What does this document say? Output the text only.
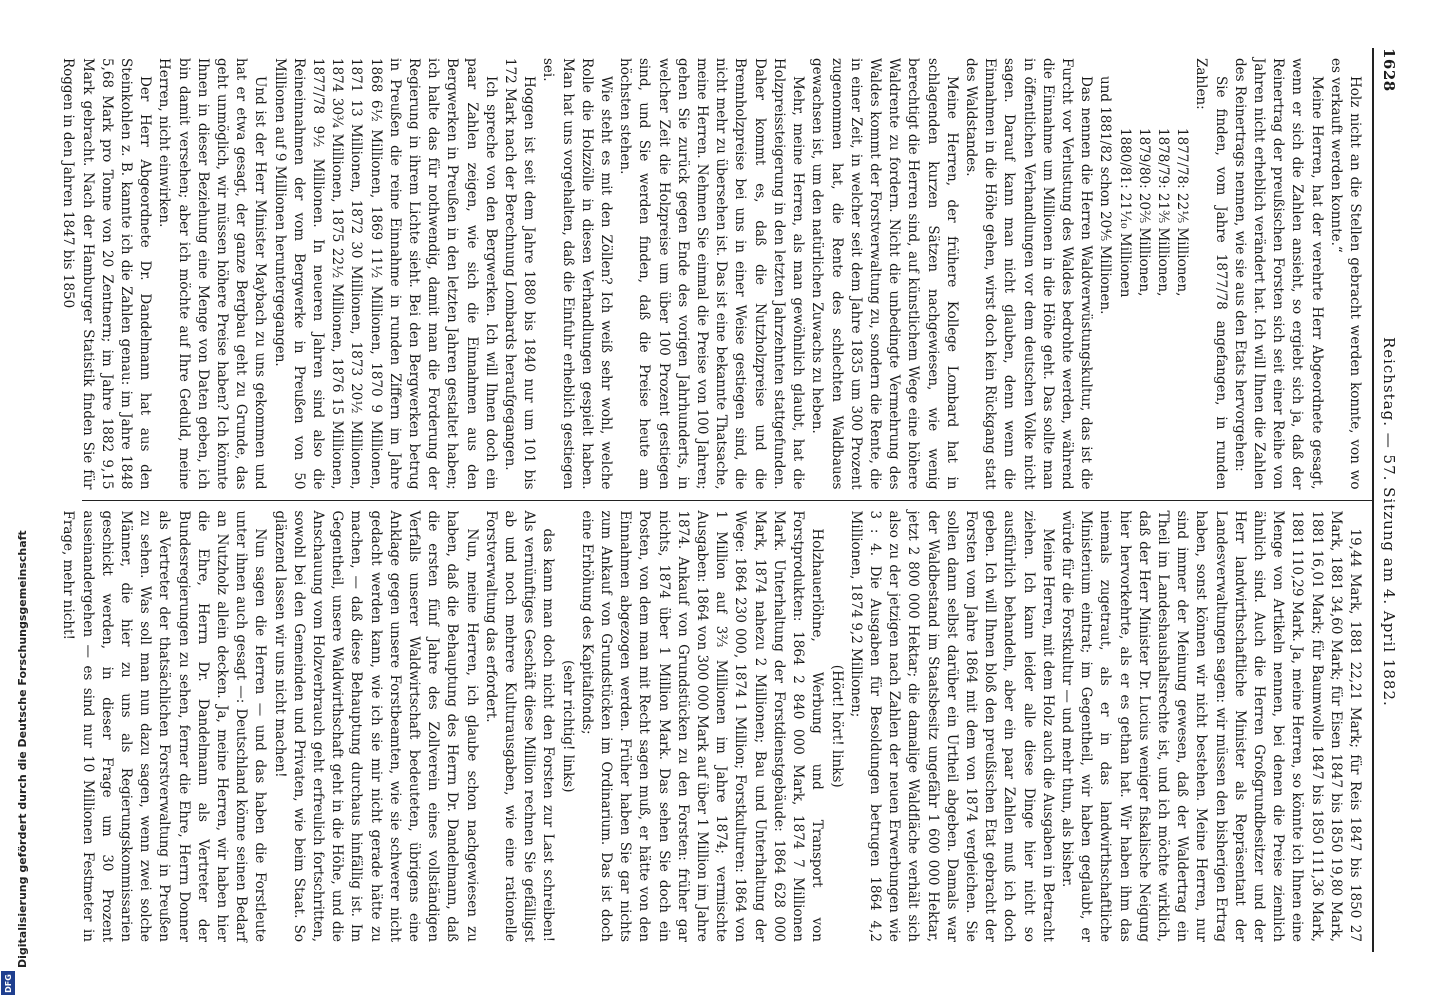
1628
Reichstag. — 57. Sitzung am 4. April 1882.

Holz nicht an die Stellen gebracht werden konnte, von wo es verkauft werden konnte.“

Meine Herren, hat der verehrte Herr Abgeordnete gesagt, wenn er sich die Zahlen ansieht, so ergiebt sich ja, daß der Reinertrag der preußischen Forsten sich seit einer Reihe von Jahren nicht erheblich verändert hat. Ich will Ihnen die Zahlen des Reinertrags nennen, wie sie aus den Etats hervorgehen:

Sie finden, vom Jahre 1877/78 angefangen, in runden Zahlen:

1877/78: 22⅕ Millionen,

1878/79: 21⅗ Millionen,

1879/80: 20⅖ Millionen,

1880/81: 21⅒ Millionen

und 1881/82 schon 20⅘ Millionen.

Das nennen die Herren Waldverwüstungskultur, das ist die Furcht vor Verlustung des Waldes bedrohte werden, während die Einnahme um Millionen in die Höhe geht. Das sollte man in öffentlichen Verhandlungen vor dem deutschen Volke nicht sagen. Darauf kann man nicht glauben, denn wenn die Einnahmen in die Höhe gehen, wirst doch kein Rückgang statt des Waldstandes.

Meine Herren, der frühere Kollege Lombard hat in schlagenden kurzen Sätzen nachgewiesen, wie wenig berechtigt die Herren sind, auf künstlichem Wege eine höhere Waldrente zu fordern. Nicht die unbedingte Vermehrung des Waldes kommt der Forstverwaltung zu, sondern die Rente, die in einer Zeit, in welcher seit dem Jahre 1835 um 300 Prozent zugenommen hat, die Rente des schlechten Waldbaues gewachsen ist, um den natürlichen Zuwachs zu heben.

Mehr, meine Herren, als man gewöhnlich glaubt, hat die Holzpreissteigerung in den letzten Jahrzehnten stattgefunden. Daher kommt es, daß die Nutzholzpreise und die Brennholzpreise bei uns in einer Weise gestiegen sind, die nicht mehr zu übersehen ist. Das ist eine bekannte Thatsache, meine Herren. Nehmen Sie einmal die Preise von 100 Jahren; gehen Sie zurück gegen Ende des vorigen Jahrhunderts, in welcher Zeit die Holzpreise um über 100 Prozent gestiegen sind, und Sie werden finden, daß die Preise heute am höchsten stehen.

Wie steht es mit den Zöllen? Ich weiß sehr wohl, welche Rolle die Holzzölle in diesen Verhandlungen gespielt haben. Man hat uns vorgehalten, daß die Einfuhr erheblich gestiegen sei.

Hoggen ist seit dem Jahre 1880 bis 1840 nur um 101 bis 172 Mark nach der Berechnung Lombards heraufgegangen.

Ich spreche von den Bergwerken. Ich will Ihnen doch ein paar Zahlen zeigen, wie sich die Einnahmen aus den Bergwerken in Preußen in den letzten Jahren gestaltet haben; ich halte das für nothwendig, damit man die Forderung der Regierung in ihrem Lichte sieht. Bei den Bergwerken betrug in Preußen die reine Einnahme in runden Ziffern im Jahre 1868 6½ Millionen, 1869 11½ Millionen, 1870 9 Millionen, 1871 13 Millionen, 1872 30 Millionen, 1873 20½ Millionen, 1874 30¾ Millionen, 1875 22½ Millionen, 1876 15 Millionen, 1877/78 9½ Millionen. In neueren Jahren sind also die Reineinnahmen der vom Bergwerke in Preußen von 50 Millionen auf 9 Millionen heruntergegangen.

Und ist der Herr Minister Maybach zu uns gekommen und hat er etwa gesagt, der ganze Bergbau geht zu Grunde, das geht unmöglich, wir müssen höhere Preise haben? Ich könnte Ihnen in dieser Beziehung eine Menge von Daten geben, ich bin damit versehen; aber ich möchte auf Ihre Geduld, meine Herren, nicht einwirken.

Der Herr Abgeordnete Dr. Dandelmann hat aus den Steinkohlen z. B. kannte ich die Zahlen genau: im Jahre 1848 5,68 Mark pro Tonne von 20 Zentnern; im Jahre 1882 9,15 Mark gebracht. Nach der Hamburger Statistik finden Sie für Roggen in den Jahren 1847 bis 1850

19,44 Mark, 1881 22,21 Mark; für Reis 1847 bis 1850 27 Mark, 1881 34,60 Mark; für Eisen 1847 bis 1850 19,80 Mark, 1881 16,01 Mark; für Baumwolle 1847 bis 1850 111,36 Mark, 1881 110,29 Mark. Ja, meine Herren, so könnte ich Ihnen eine Menge von Artikeln nennen, bei denen die Preise ziemlich ähnlich sind. Auch die Herren Großgrundbesitzer und der Herr landwirthschaftliche Minister als Repräsentant der Landesverwaltungen sagen: wir müssen den bisherigen Ertrag haben, sonst können wir nicht bestehen. Meine Herren, nur sind immer der Meinung gewesen, daß der Waldertrag ein Theil im Landeshaushaltsrechte ist, und ich möchte wirklich, daß der Herr Minister Dr. Lucius weniger fiskalische Neigung hier hervorkehrte, als er es gethan hat. Wir haben ihm das niemals zugetraut, als er in das landwirthschaftliche Ministerium eintrat; im Gegentheil, wir haben geglaubt, er würde für die Forstkultur — und mehr thun, als bisher.

Meine Herren, mit dem Holz auch die Ausgaben in Betracht ziehen. Ich kann leider alle diese Dinge hier nicht so ausführlich behandeln, aber ein paar Zahlen muß ich doch geben. Ich will Ihnen bloß den preußischen Etat gebracht der Forsten vom Jahre 1864 mit dem von 1874 vergleichen. Sie sollen dann selbst darüber ein Urtheil abgeben. Damals war der Waldbestand im Staatsbesitz ungefähr 1 600 000 Hektar, jetzt 2 800 000 Hektar; die damalige Waldfläche verhält sich also zu der jetzigen nach Zahlen der neuen Erwerbungen wie 3 : 4. Die Ausgaben für Besoldungen betrugen 1864 4,2 Millionen, 1874 9,2 Millionen;

(Hört! hört! links)

Holzhauerlöhne, Werbung und Transport von Forstprodukten: 1864 2 840 000 Mark, 1874 7 Millionen Mark. Unterhaltung der Forstdienstgebäude: 1864 628 000 Mark, 1874 nahezu 2 Millionen; Bau und Unterhaltung der Wege: 1864 230 000, 1874 1 Million; Forstkulturen: 1864 von 1 Million auf 3⅔ Millionen im Jahre 1874; vermischte Ausgaben: 1864 von 300 000 Mark auf über 1 Million im Jahre 1874. Ankauf von Grundstücken zu den Forsten: früher gar nichts, 1874 über 1 Million Mark. Das sehen Sie doch ein Posten, von dem man mit Recht sagen muß, er hätte von den Einnahmen abgezogen werden. Früher haben Sie gar nichts zum Ankauf von Grundstücken im Ordinarium. Das ist doch eine Erhöhung des Kapitalfonds;

(sehr richtig! links)

das kann man doch nicht den Forsten zur Last schreiben! Als vernünftiges Geschäft diese Million rechnen Sie gefälligst ab und noch mehrere Kulturausgaben, wie eine rationelle Forstverwaltung das erfordert.

Nun, meine Herren, ich glaube schon nachgewiesen zu haben, daß die Behauptung des Herrn Dr. Dandelmann, daß die ersten fünf Jahre des Zollverein eines vollständigen Verfalls unserer Waldwirtschaft bedeuteten, übrigens eine Anklage gegen unsere Forstbeamten, wie sie schwerer nicht gedacht werden kann, wie ich sie mir nicht gerade hätte zu machen, — daß diese Behauptung durchaus hinfällig ist. Im Gegentheil, unsere Waldwirthschaft geht in die Höhe, und die Anschauung vom Holzverbrauch geht erfreulich fortschritten, sowohl bei den Gemeinden und Privaten, wie beim Staat. So glänzend lassen wir uns nicht machen!

Nun sagen die Herren — und das haben die Forstleute unter ihnen auch gesagt —: Deutschland könne seinen Bedarf an Nutzholz allein decken. Ja, meine Herren, wir haben hier die Ehre, Herrn Dr. Dandelmann als Vertreter der Bundesregierungen zu sehen, ferner die Ehre, Herrn Donner als Vertreter der thatsächlichen Forstverwaltung in Preußen zu sehen. Was soll man nun dazu sagen, wenn zwei solche Männer, die hier zu uns als Regierungskommissarien geschickt werden, in dieser Frage um 30 Prozent auseinandergehen — es sind nur 10 Millionen Festmeter in Frage, mehr nicht!

Digitalisierung gefördert durch die Deutsche Forschungsgemeinschaft
DFG
